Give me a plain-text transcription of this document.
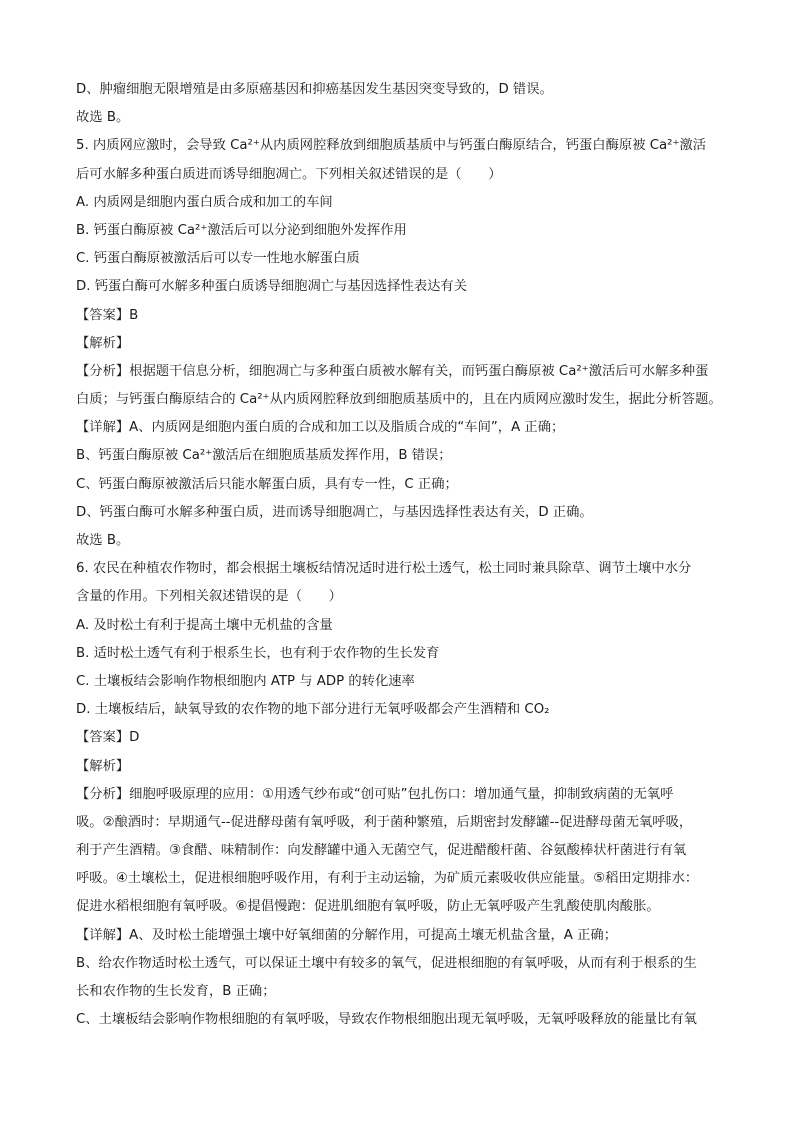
D、肿瘤细胞无限增殖是由多原癌基因和抑癌基因发生基因突变导致的，D 错误。
故选 B。
5. 内质网应激时，会导致 Ca²⁺从内质网腔释放到细胞质基质中与钙蛋白酶原结合，钙蛋白酶原被 Ca²⁺激活
后可水解多种蛋白质进而诱导细胞凋亡。下列相关叙述错误的是（　　）
A. 内质网是细胞内蛋白质合成和加工的车间
B. 钙蛋白酶原被 Ca²⁺激活后可以分泌到细胞外发挥作用
C. 钙蛋白酶原被激活后可以专一性地水解蛋白质
D. 钙蛋白酶可水解多种蛋白质诱导细胞凋亡与基因选择性表达有关
【答案】B
【解析】
【分析】根据题干信息分析，细胞凋亡与多种蛋白质被水解有关，而钙蛋白酶原被 Ca²⁺激活后可水解多种蛋
白质；与钙蛋白酶原结合的 Ca²⁺从内质网腔释放到细胞质基质中的，且在内质网应激时发生，据此分析答题。
【详解】A、内质网是细胞内蛋白质的合成和加工以及脂质合成的“车间”，A 正确；
B、钙蛋白酶原被 Ca²⁺激活后在细胞质基质发挥作用，B 错误；
C、钙蛋白酶原被激活后只能水解蛋白质，具有专一性，C 正确；
D、钙蛋白酶可水解多种蛋白质，进而诱导细胞凋亡，与基因选择性表达有关，D 正确。
故选 B。
6. 农民在种植农作物时，都会根据土壤板结情况适时进行松土透气，松土同时兼具除草、调节土壤中水分
含量的作用。下列相关叙述错误的是（　　）
A. 及时松土有利于提高土壤中无机盐的含量
B. 适时松土透气有利于根系生长，也有利于农作物的生长发育
C. 土壤板结会影响作物根细胞内 ATP 与 ADP 的转化速率
D. 土壤板结后，缺氧导致的农作物的地下部分进行无氧呼吸都会产生酒精和 CO₂
【答案】D
【解析】
【分析】细胞呼吸原理的应用：①用透气纱布或“创可贴”包扎伤口：增加通气量，抑制致病菌的无氧呼
吸。②酿酒时：早期通气--促进酵母菌有氧呼吸，利于菌种繁殖，后期密封发酵罐--促进酵母菌无氧呼吸，
利于产生酒精。③食醋、味精制作：向发酵罐中通入无菌空气，促进醋酸杆菌、谷氨酸棒状杆菌进行有氧
呼吸。④土壤松土，促进根细胞呼吸作用，有利于主动运输，为矿质元素吸收供应能量。⑤稻田定期排水：
促进水稻根细胞有氧呼吸。⑥提倡慢跑：促进肌细胞有氧呼吸，防止无氧呼吸产生乳酸使肌肉酸胀。
【详解】A、及时松土能增强土壤中好氧细菌的分解作用，可提高土壤无机盐含量，A 正确；
B、给农作物适时松土透气，可以保证土壤中有较多的氧气，促进根细胞的有氧呼吸，从而有利于根系的生
长和农作物的生长发育，B 正确；
C、土壤板结会影响作物根细胞的有氧呼吸，导致农作物根细胞出现无氧呼吸，无氧呼吸释放的能量比有氧
